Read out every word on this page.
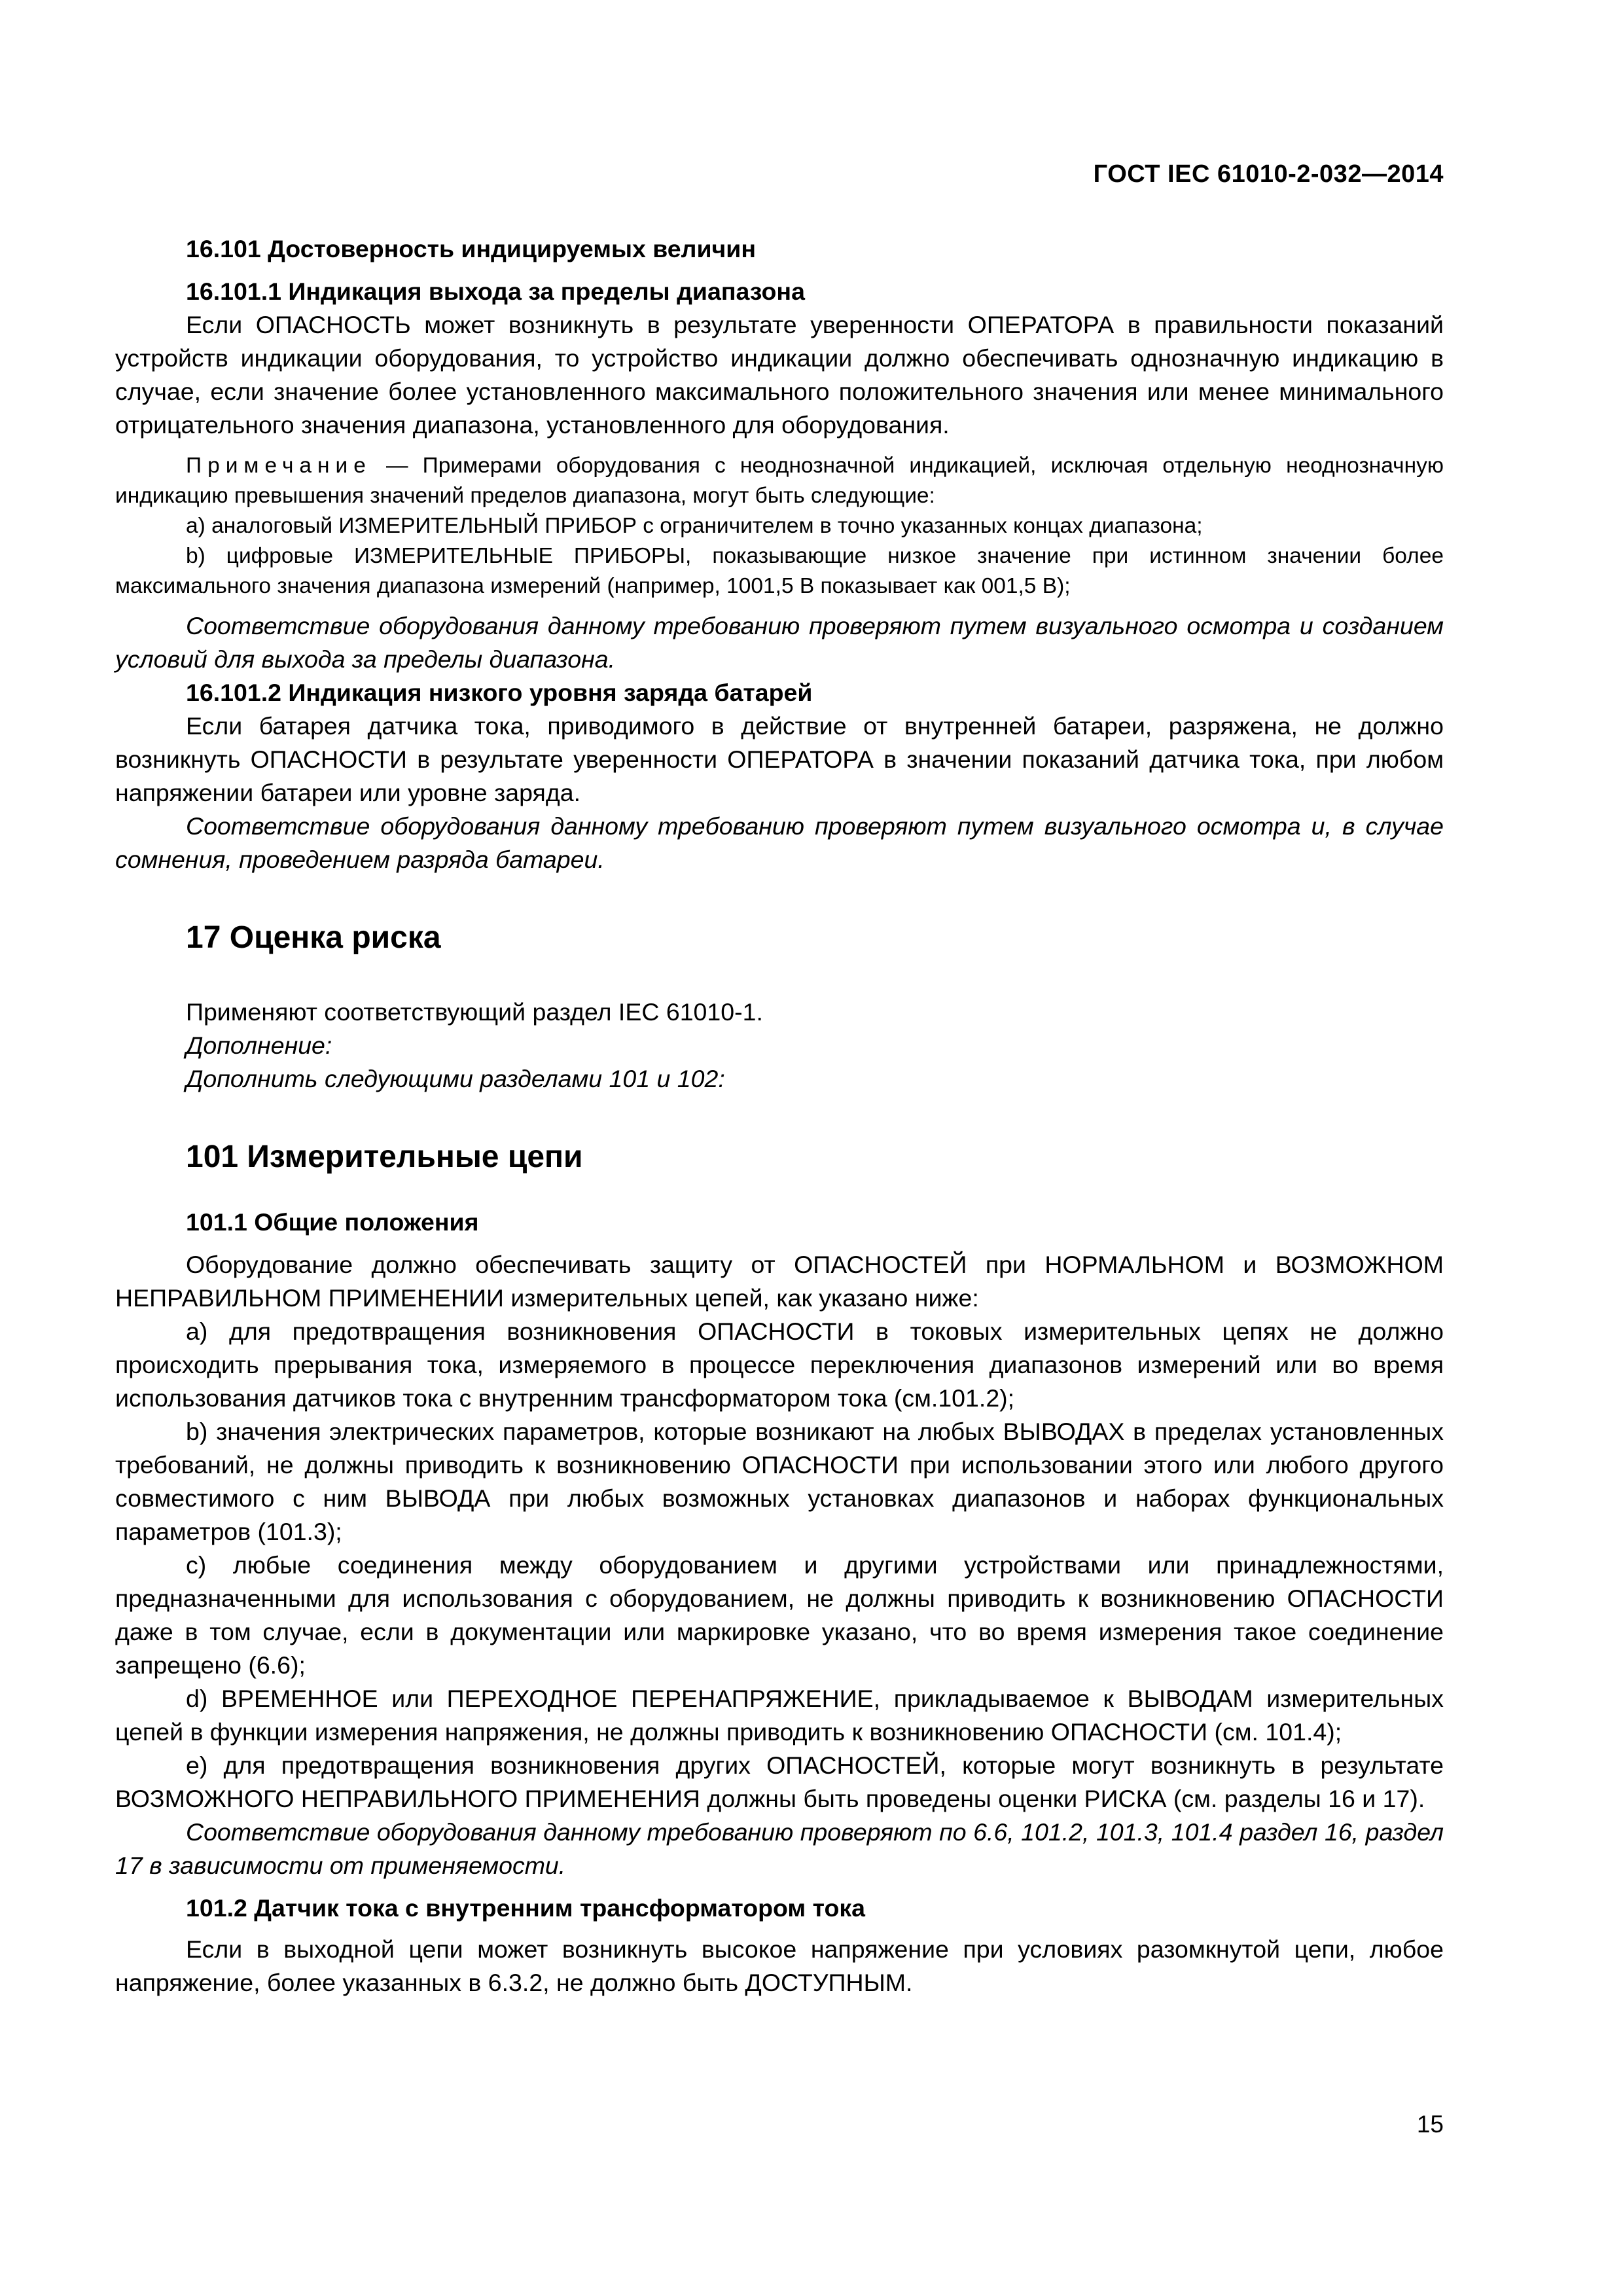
ГОСТ IEC 61010-2-032—2014

16.101 Достоверность индицируемых величин

16.101.1 Индикация выхода за пределы диапазона

Если ОПАСНОСТЬ может возникнуть в результате уверенности ОПЕРАТОРА в правильности показаний устройств индикации оборудования, то устройство индикации должно обеспечивать однозначную индикацию в случае, если значение более установленного максимального положительного значения или менее минимального отрицательного значения диапазона, установленного для оборудования.

Примечание — Примерами оборудования с неоднозначной индикацией, исключая отдельную неоднозначную индикацию превышения значений пределов диапазона, могут быть следующие:

а) аналоговый ИЗМЕРИТЕЛЬНЫЙ ПРИБОР с ограничителем в точно указанных концах диапазона;

b) цифровые ИЗМЕРИТЕЛЬНЫЕ ПРИБОРЫ, показывающие низкое значение при истинном значении более максимального значения диапазона измерений (например, 1001,5 В показывает как 001,5 В);

Соответствие оборудования данному требованию проверяют путем визуального осмотра и созданием условий для выхода за пределы диапазона.

16.101.2 Индикация низкого уровня заряда батарей

Если батарея датчика тока, приводимого в действие от внутренней батареи, разряжена, не должно возникнуть ОПАСНОСТИ в результате уверенности ОПЕРАТОРА в значении показаний датчика тока, при любом напряжении батареи или уровне заряда.

Соответствие оборудования данному требованию проверяют путем визуального осмотра и, в случае сомнения, проведением разряда батареи.

17 Оценка риска

Применяют соответствующий раздел IEC 61010-1.

Дополнение:

Дополнить следующими разделами 101 и 102:

101 Измерительные цепи

101.1 Общие положения

Оборудование должно обеспечивать защиту от ОПАСНОСТЕЙ при НОРМАЛЬНОМ и ВОЗМОЖНОМ НЕПРАВИЛЬНОМ ПРИМЕНЕНИИ измерительных цепей, как указано ниже:

а) для предотвращения возникновения ОПАСНОСТИ в токовых измерительных цепях не должно происходить прерывания тока, измеряемого в процессе переключения диапазонов измерений или во время использования датчиков тока с внутренним трансформатором тока (см.101.2);

b) значения электрических параметров, которые возникают на любых ВЫВОДАХ в пределах установленных требований, не должны приводить к возникновению ОПАСНОСТИ при использовании этого или любого другого совместимого с ним ВЫВОДА при любых возможных установках диапазонов и наборах функциональных параметров (101.3);

c) любые соединения между оборудованием и другими устройствами или принадлежностями, предназначенными для использования с оборудованием, не должны приводить к возникновению ОПАСНОСТИ даже в том случае, если в документации или маркировке указано, что во время измерения такое соединение запрещено (6.6);

d) ВРЕМЕННОЕ или ПЕРЕХОДНОЕ ПЕРЕНАПРЯЖЕНИЕ, прикладываемое к ВЫВОДАМ измерительных цепей в функции измерения напряжения, не должны приводить к возникновению ОПАСНОСТИ (см. 101.4);

e) для предотвращения возникновения других ОПАСНОСТЕЙ, которые могут возникнуть в результате ВОЗМОЖНОГО НЕПРАВИЛЬНОГО ПРИМЕНЕНИЯ должны быть проведены оценки РИСКА (см. разделы 16 и 17).

Соответствие оборудования данному требованию проверяют по 6.6, 101.2, 101.3, 101.4 раздел 16, раздел 17 в зависимости от применяемости.

101.2 Датчик тока с внутренним трансформатором тока

Если в выходной цепи может возникнуть высокое напряжение при условиях разомкнутой цепи, любое напряжение, более указанных в 6.3.2, не должно быть ДОСТУПНЫМ.

15
